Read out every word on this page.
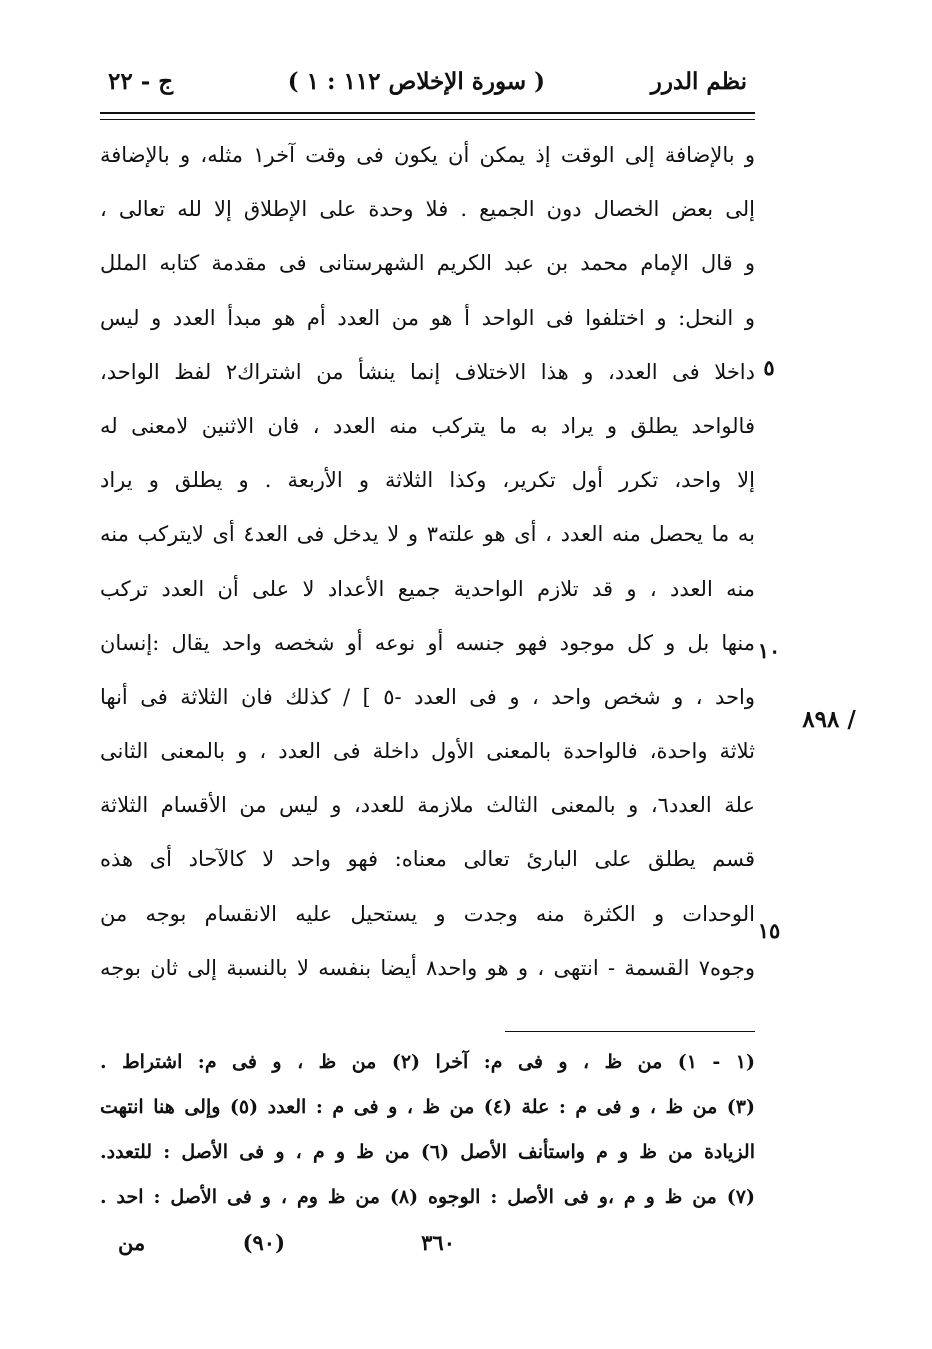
نظم الدرر
( سورة الإخلاص ١١٢ : ١ )
ج - ٢٢
و بالإضافة إلى الوقت إذ يمكن أن يكون فى وقت آخر١ مثله، و بالإضافة
إلى بعض الخصال دون الجميع . فلا وحدة على الإطلاق إلا لله تعالى ،
و قال الإمام محمد بن عبد الكريم الشهرستانى فى مقدمة كتابه الملل
و النحل: و اختلفوا فى الواحد أ هو من العدد أم هو مبدأ العدد و ليس
داخلا فى العدد، و هذا الاختلاف إنما ينشأ من اشتراك٢ لفظ الواحد،
فالواحد يطلق و يراد به ما يتركب منه العدد ، فان الاثنين لامعنى له
إلا واحد، تكرر أول تكرير، وكذا الثلاثة و الأربعة . و يطلق و يراد
به ما يحصل منه العدد ، أى هو علته٣ و لا يدخل فى العد٤ أى لايتركب منه
منه العدد ، و قد تلازم الواحدية جميع الأعداد لا على أن العدد تركب
منها بل و كل موجود فهو جنسه أو نوعه أو شخصه واحد يقال :إنسان
واحد ، و شخص واحد ، و فى العدد -٥ ] / كذلك فان الثلاثة فى أنها
ثلاثة واحدة، فالواحدة بالمعنى الأول داخلة فى العدد ، و بالمعنى الثانى
علة العدد٦، و بالمعنى الثالث ملازمة للعدد، و ليس من الأقسام الثلاثة
قسم يطلق على البارئ تعالى معناه: فهو واحد لا كالآحاد أى هذه
الوحدات و الكثرة منه وجدت و يستحيل عليه الانقسام بوجه من
وجوه٧ القسمة - انتهى ، و هو واحد٨ أيضا بنفسه لا بالنسبة إلى ثان بوجه
٥
١٠
١٥
/ ٨٩٨
(١ - ١) من ظ ، و فى م: آخرا (٢) من ظ ، و فى م: اشتراط .
(٣) من ظ ، و فى م : علة (٤) من ظ ، و فى م : العدد (٥) وإلى هنا انتهت
الزيادة من ظ و م واستأنف الأصل (٦) من ظ و م ، و فى الأصل : للتعدد.
(٧) من ظ و م ،و فى الأصل : الوجوه (٨) من ظ وم ، و فى الأصل : احد .
٣٦٠
(٩٠)
من
